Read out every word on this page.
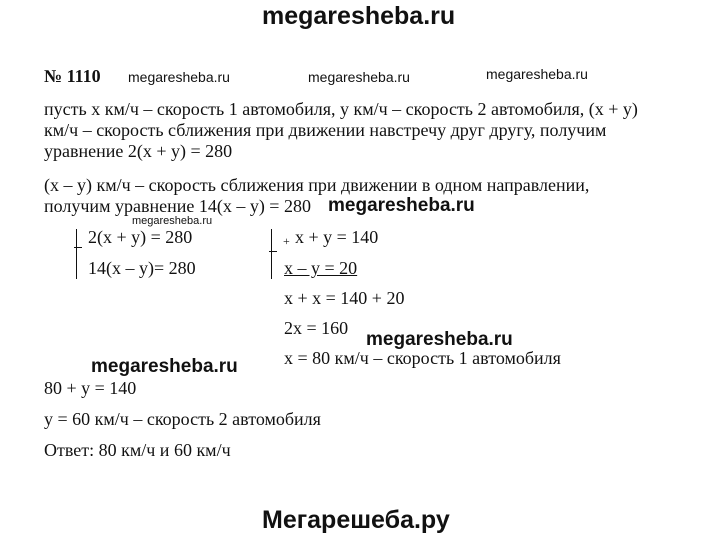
megaresheba.ru
№ 1110 megaresheba.ru	megaresheba.ru	megaresheba.ru
пусть х км/ч – скорость 1 автомобиля, у км/ч – скорость 2 автомобиля, (х + у)
км/ч – скорость сближения при движении навстречу друг другу, получим
уравнение 2(х + у) = 280
(х – у) км/ч – скорость сближения при движении в одном направлении,
получим уравнение 14(х – у) = 280 megaresheba.ru
megaresheba.ru
2(х + у) = 280
14(х – у)= 280
+ х + у = 140
х – у = 20
х + х = 140 + 20
2х = 160
megaresheba.ru
х = 80 км/ч – скорость 1 автомобиля
megaresheba.ru
80 + у = 140
у = 60 км/ч – скорость 2 автомобиля
Ответ: 80 км/ч и 60 км/ч
Мегарешеба.ру
